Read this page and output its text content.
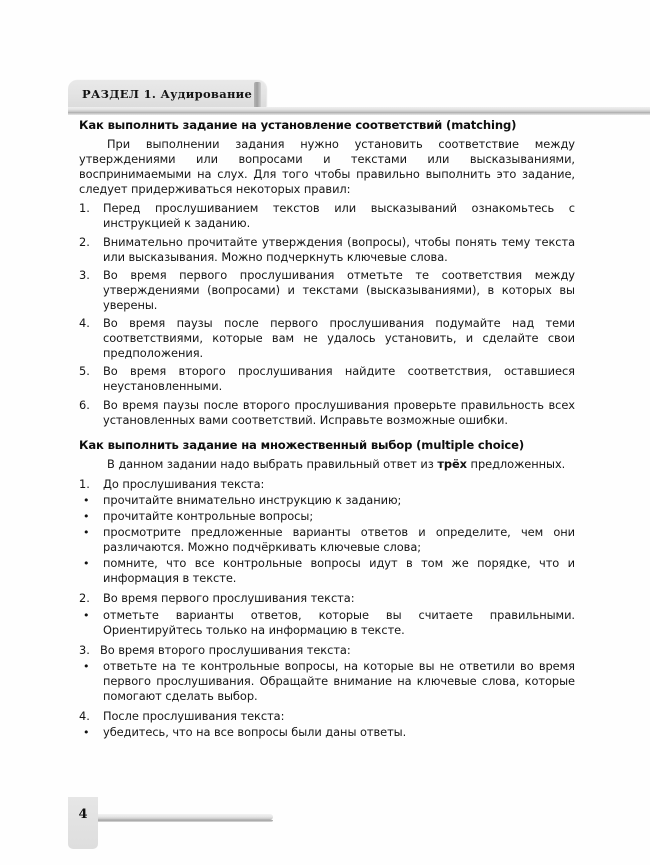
РАЗДЕЛ 1. Аудирование
Как выполнить задание на установление соответствий (matching)

При выполнении задания нужно установить соответствие между утверждениями или вопросами и текстами или высказываниями, воспринимаемыми на слух. Для того чтобы правильно выполнить это задание, следует придерживаться некоторых правил:

1.	Перед прослушиванием текстов или высказываний ознакомьтесь с инструкцией к заданию.
2.	Внимательно прочитайте утверждения (вопросы), чтобы понять тему текста или высказывания. Можно подчеркнуть ключевые слова.
3.	Во время первого прослушивания отметьте те соответствия между утверждениями (вопросами) и текстами (высказываниями), в которых вы уверены.
4.	Во время паузы после первого прослушивания подумайте над теми соответствиями, которые вам не удалось установить, и сделайте свои предположения.
5.	Во время второго прослушивания найдите соответствия, оставшиеся неустановленными.
6.	Во время паузы после второго прослушивания проверьте правильность всех установленных вами соответствий. Исправьте возможные ошибки.
Как выполнить задание на множественный выбор (multiple choice)

В данном задании надо выбрать правильный ответ из трёх предложенных.

1. До прослушивания текста:
• прочитайте внимательно инструкцию к заданию;
• прочитайте контрольные вопросы;
• просмотрите предложенные варианты ответов и определите, чем они различаются. Можно подчёркивать ключевые слова;
• помните, что все контрольные вопросы идут в том же порядке, что и информация в тексте.
2. Во время первого прослушивания текста:
• отметьте варианты ответов, которые вы считаете правильными. Ориентируйтесь только на информацию в тексте.
3. Во время второго прослушивания текста:
• ответьте на те контрольные вопросы, на которые вы не ответили во время первого прослушивания. Обращайте внимание на ключевые слова, которые помогают сделать выбор.
4. После прослушивания текста:
• убедитесь, что на все вопросы были даны ответы.
4
